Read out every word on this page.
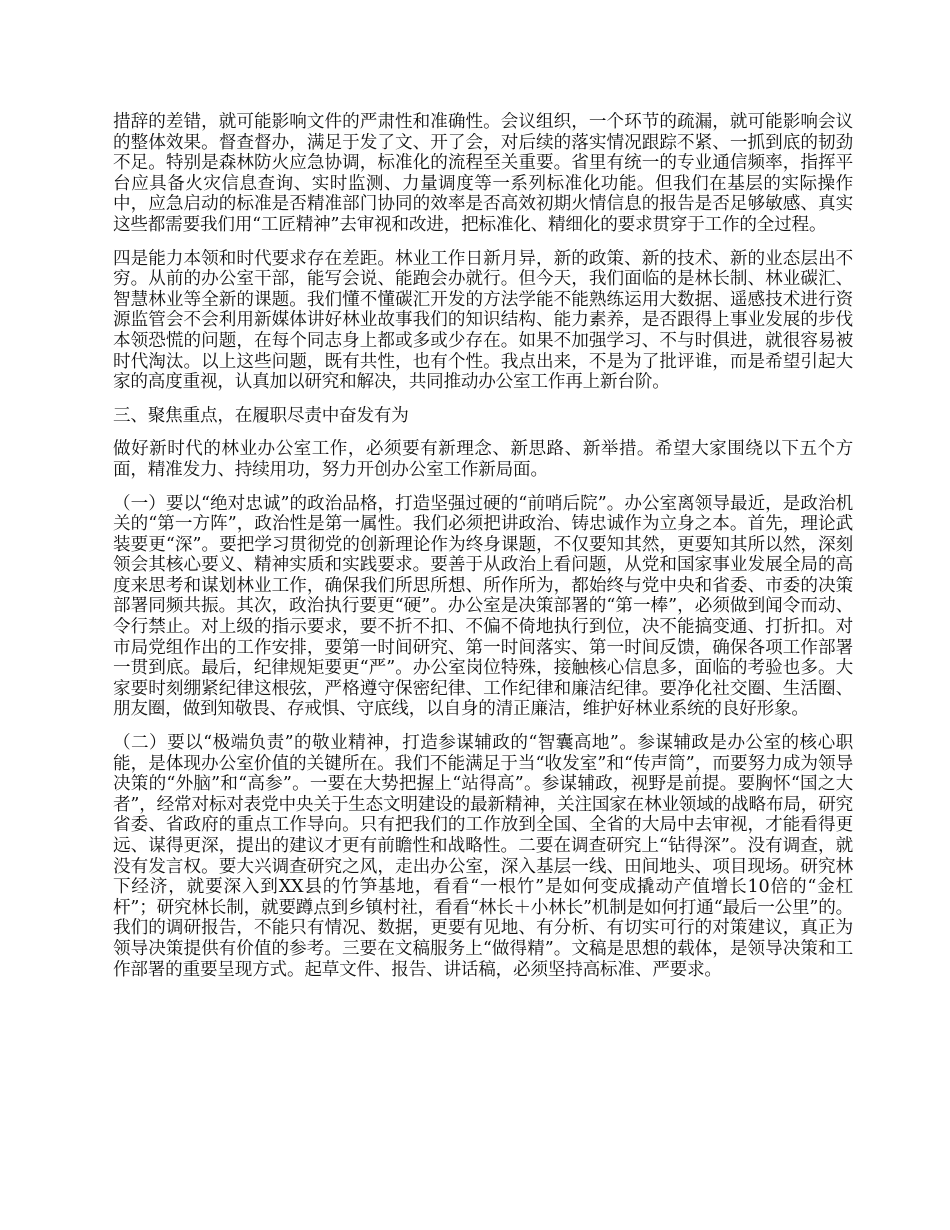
措辞的差错，就可能影响文件的严肃性和准确性。会议组织，一个环节的疏漏，就可能影响会议的整体效果。督查督办，满足于发了文、开了会，对后续的落实情况跟踪不紧、一抓到底的韧劲不足。特别是森林防火应急协调，标准化的流程至关重要。省里有统一的专业通信频率，指挥平台应具备火灾信息查询、实时监测、力量调度等一系列标准化功能。但我们在基层的实际操作中，应急启动的标准是否精准部门协同的效率是否高效初期火情信息的报告是否足够敏感、真实这些都需要我们用“工匠精神”去审视和改进，把标准化、精细化的要求贯穿于工作的全过程。

四是能力本领和时代要求存在差距。林业工作日新月异，新的政策、新的技术、新的业态层出不穷。从前的办公室干部，能写会说、能跑会办就行。但今天，我们面临的是林长制、林业碳汇、智慧林业等全新的课题。我们懂不懂碳汇开发的方法学能不能熟练运用大数据、遥感技术进行资源监管会不会利用新媒体讲好林业故事我们的知识结构、能力素养，是否跟得上事业发展的步伐本领恐慌的问题，在每个同志身上都或多或少存在。如果不加强学习、不与时俱进，就很容易被时代淘汰。以上这些问题，既有共性，也有个性。我点出来，不是为了批评谁，而是希望引起大家的高度重视，认真加以研究和解决，共同推动办公室工作再上新台阶。

三、聚焦重点，在履职尽责中奋发有为

做好新时代的林业办公室工作，必须要有新理念、新思路、新举措。希望大家围绕以下五个方面，精准发力、持续用功，努力开创办公室工作新局面。

（一）要以“绝对忠诚”的政治品格，打造坚强过硬的“前哨后院”。办公室离领导最近，是政治机关的“第一方阵”，政治性是第一属性。我们必须把讲政治、铸忠诚作为立身之本。首先，理论武装要更“深”。要把学习贯彻党的创新理论作为终身课题，不仅要知其然，更要知其所以然，深刻领会其核心要义、精神实质和实践要求。要善于从政治上看问题，从党和国家事业发展全局的高度来思考和谋划林业工作，确保我们所思所想、所作所为，都始终与党中央和省委、市委的决策部署同频共振。其次，政治执行要更“硬”。办公室是决策部署的“第一棒”，必须做到闻令而动、令行禁止。对上级的指示要求，要不折不扣、不偏不倚地执行到位，决不能搞变通、打折扣。对市局党组作出的工作安排，要第一时间研究、第一时间落实、第一时间反馈，确保各项工作部署一贯到底。最后，纪律规矩要更“严”。办公室岗位特殊，接触核心信息多，面临的考验也多。大家要时刻绷紧纪律这根弦，严格遵守保密纪律、工作纪律和廉洁纪律。要净化社交圈、生活圈、朋友圈，做到知敬畏、存戒惧、守底线，以自身的清正廉洁，维护好林业系统的良好形象。

（二）要以“极端负责”的敬业精神，打造参谋辅政的“智囊高地”。参谋辅政是办公室的核心职能，是体现办公室价值的关键所在。我们不能满足于当“收发室”和“传声筒”，而要努力成为领导决策的“外脑”和“高参”。一要在大势把握上“站得高”。参谋辅政，视野是前提。要胸怀“国之大者”，经常对标对表党中央关于生态文明建设的最新精神，关注国家在林业领域的战略布局，研究省委、省政府的重点工作导向。只有把我们的工作放到全国、全省的大局中去审视，才能看得更远、谋得更深，提出的建议才更有前瞻性和战略性。二要在调查研究上“钻得深”。没有调查，就没有发言权。要大兴调查研究之风，走出办公室，深入基层一线、田间地头、项目现场。研究林下经济，就要深入到XX县的竹笋基地，看看“一根竹”是如何变成撬动产值增长10倍的“金杠杆”；研究林长制，就要蹲点到乡镇村社，看看“林长＋小林长”机制是如何打通“最后一公里”的。我们的调研报告，不能只有情况、数据，更要有见地、有分析、有切实可行的对策建议，真正为领导决策提供有价值的参考。三要在文稿服务上“做得精”。文稿是思想的载体，是领导决策和工作部署的重要呈现方式。起草文件、报告、讲话稿，必须坚持高标准、严要求。
